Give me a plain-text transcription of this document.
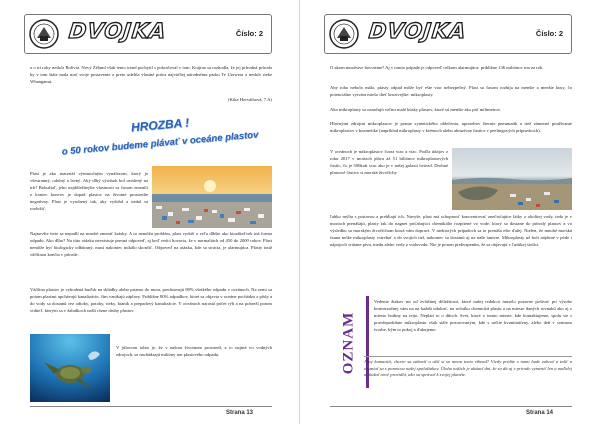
DVOJKA	Číslo: 2
a o tri roky neskôr Bolívia. Nový Zéland však tento trend pochytil s pokračoval v tom. Krajina sa rozhodla, že jej prírodná príroda by v tom štáte mala mať svoje postavenie a preto udelila vlastné práva najväčšej národnému parku Te Urewera a neskôr rieke Whanganui.
(Kika Horváthová, 7.A)
HROZBA !
o 50 rokov budeme plávať v oceáne plastov
Plast je ako materiál výnimočným vynálezom, ktorý je všestranný, odolný a lacný. Aký dlhý výrobok bol uvedený na trh? Bohužiaľ, jeho najdôležitejšie vlastnosti sa časom zmenili z koniec koncov je dopad plastov na životné prostredie negatívny. Plast je vyrobený tak, aby vydržal a nedal sa rozložiť.
Najnovšie tieto sa nepadlí na mnohé zmeniť krásky. A to nemôžu problém, plast vydrží o veľa dlhšie ako ktorákoľvek iná forma odpadu. Ako dlho? Na túto otázku neexistuje presná odpoveď, aj keď vedci hovoria, že v normaliách od 450 do 2000 rokov. Plast nemôže byť biologicky odbúraný, musí nakoniec mikálo skončiť. Odpoveď na otázku, kde sa strácia, je alarmujúca. Plasty totiž väčšinou končia v prírode.
Väčšina plastov je vyhodená buďsk na skládky alebo priamo do mora, predstavujú 80% všetkého odpadu v oceánoch. Na zemi sa potom plastmi upchávajú kanalizácie, čím vznikajú záplavy. Približne 80% odpadkov, ktoré sa objavia v oceáne pochádza z pôdy a do vody sa dostanú cez odtoky, potoky, rieky, bianik a prepadový kanalizácie. V oceánoch narastá počet rýb a na pobreží potom viditeľ, kterým sa v žaludkoch našli rôzne druhy plastov.
V júlovom tohto je, že v našom životnom prostredí, a to najmä vo vodných zdrojoch, sa nachádzajú milióny ton plastového odpadu.
Strana 13
DVOJKA	Číslo: 2
O akom množstve hovoríme? Aj v tomto prípade je odpoveď celkom alarmujúca: približne 136 miliónov ton za rok.
Aby toho nebolo málo, plasty odpad môže byť ešte viac nebezpečný. Plast sa časom rozbíja na menšie a menšie kusy, čo potenciálne vytvára miešo dieť hrozivejšie: mikroplasty.
Ako mikroplasty sa označujú veľmi malé kúsky plastov, ktoré sú menšie ako päť milimetrov.
Hlavnými zdrojmi mikroplastov je pranie syntetického oblečenia, upotrebov žiernie pneumatík a tiež zámerné používanie mikroplastov v kozmetike (napríklad mikroplasty v krémoch alebo abrazívne častice v peelingových prípravkoch).
V oceánoch je mikroplastov čoraz viac a viac. Podľa údajov z roku 2017 v moriach pláva až 51 biliónov mikroplastových častíc, čo je 500krát viac ako je v našej galaxii hviezd. Drobné plastové častice si morské živočíchy
ľahko mýlia s potravou a prehĺtajú ich. Navyše, plast má schopnosť koncentrovať znečisťujúce látky z okolitej vody, teda je v moriach prenášajú, plasty tak do nagnet priťahujúci chemikálie rozpitené vo vode, ktorý sa dostane do prírody plastov a vo výsledku sa morským živočíchom ktorá vám dopraví. V niektorých prípadoch sa to prenáša ešte ďalej. Nielen, že mnohé morská fauna môže mikroplasty vstrebať a do svojich tiel, nakoniec sa dostanú aj na naše taniere. Mikroplasty už boli nájdené v pôde i nápojoch vrátane pivu, medu alebo vody z vodovodu. Nie je potom prekvapením, že sa objavujú v ľudskej stolici.
OZNAM
Vedenie žiakov mi od zvláštnej dôležitosti, ktoré našej redakcii muselo pozorne poštvať pri výrobe konverzačnej vám na na každú udalosť, na ročníku chemickú plastu a na miesto daných rovnakú ako aj z miesto hodiny na tejto. Neplatí to o dňoch. Svet, ktoré o tomto mieste, kde kontaktujeme, spolu ste s pravdepodobne mikroplastu však stále pozorovaným, kde s určite kvantitatívny, alebo deň v centrum tvorbe, kým to pokoj a ďakujeme.
Ahoj kamaráti, chcete sa zabaviť a užiť si so mnou tento víkend? Vtedy prídite s nami bude zahrať a tešiť a zasmiať sa s pomocou našej spolužiakov. Úloha našich je ukázať dni, že sa dá aj v prírode vymeniť len a naďalej a skúšať nové pravidlá, ako sa správať k svojej planéte.
Strana 14
